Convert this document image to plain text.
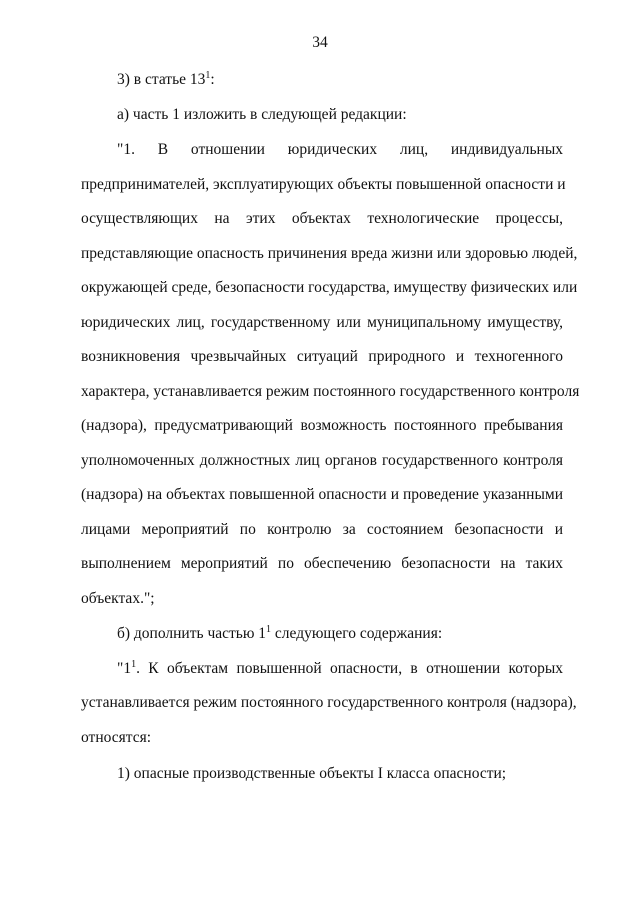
34
3) в статье $13^1$:
а) часть 1 изложить в следующей редакции:
"1. В отношении юридических лиц, индивидуальных
предпринимателей, эксплуатирующих объекты повышенной опасности и
осуществляющих на этих объектах технологические процессы,
представляющие опасность причинения вреда жизни или здоровью людей,
окружающей среде, безопасности государства, имуществу физических или
юридических лиц, государственному или муниципальному имуществу,
возникновения чрезвычайных ситуаций природного и техногенного
характера, устанавливается режим постоянного государственного контроля
(надзора), предусматривающий возможность постоянного пребывания
уполномоченных должностных лиц органов государственного контроля
(надзора) на объектах повышенной опасности и проведение указанными
лицами мероприятий по контролю за состоянием безопасности и
выполнением мероприятий по обеспечению безопасности на таких
объектах.";
б) дополнить частью $1^1$ следующего содержания:
"$1^1$. К объектам повышенной опасности, в отношении которых
устанавливается режим постоянного государственного контроля (надзора),
относятся:
1) опасные производственные объекты I класса опасности;
